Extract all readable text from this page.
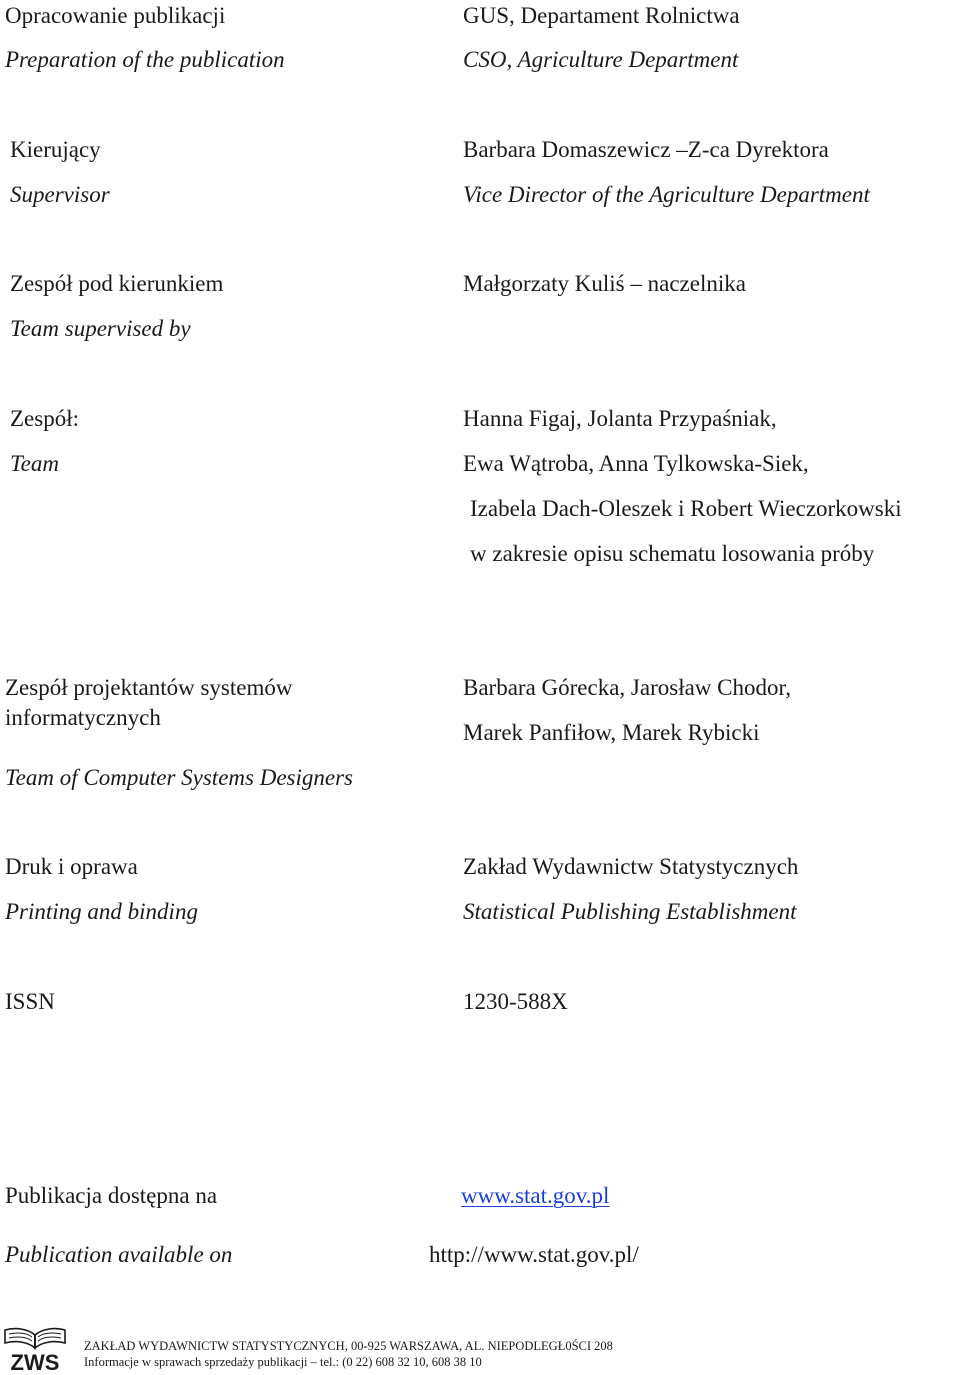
Opracowanie publikacji
Preparation of the publication
GUS, Departament Rolnictwa
CSO, Agriculture Department
Kierujący
Supervisor
Barbara Domaszewicz –Z-ca Dyrektora
Vice Director of the Agriculture Department
Zespół pod kierunkiem
Team supervised by
Małgorzaty Kuliś – naczelnika
Zespół:
Team
Hanna Figaj, Jolanta Przypaśniak,
Ewa Wątroba, Anna Tylkowska-Siek,
Izabela Dach-Oleszek i Robert Wieczorkowski
w zakresie opisu schematu losowania próby
Zespół projektantów systemów
informatycznych
Team of Computer Systems Designers
Barbara Górecka, Jarosław Chodor,
Marek Panfiłow, Marek Rybicki
Druk i oprawa
Printing and binding
Zakład Wydawnictw Statystycznych
Statistical Publishing Establishment
ISSN	1230-588X
Publikacja dostępna na
Publication available on
www.stat.gov.pl
http://www.stat.gov.pl/
ZWS
ZAKŁAD WYDAWNICTW STATYSTYCZNYCH, 00-925 WARSZAWA, AL. NIEPODLEGŁ0ŚCI 208
Informacje w sprawach sprzedaży publikacji – tel.: (0 22) 608 32 10, 608 38 10
